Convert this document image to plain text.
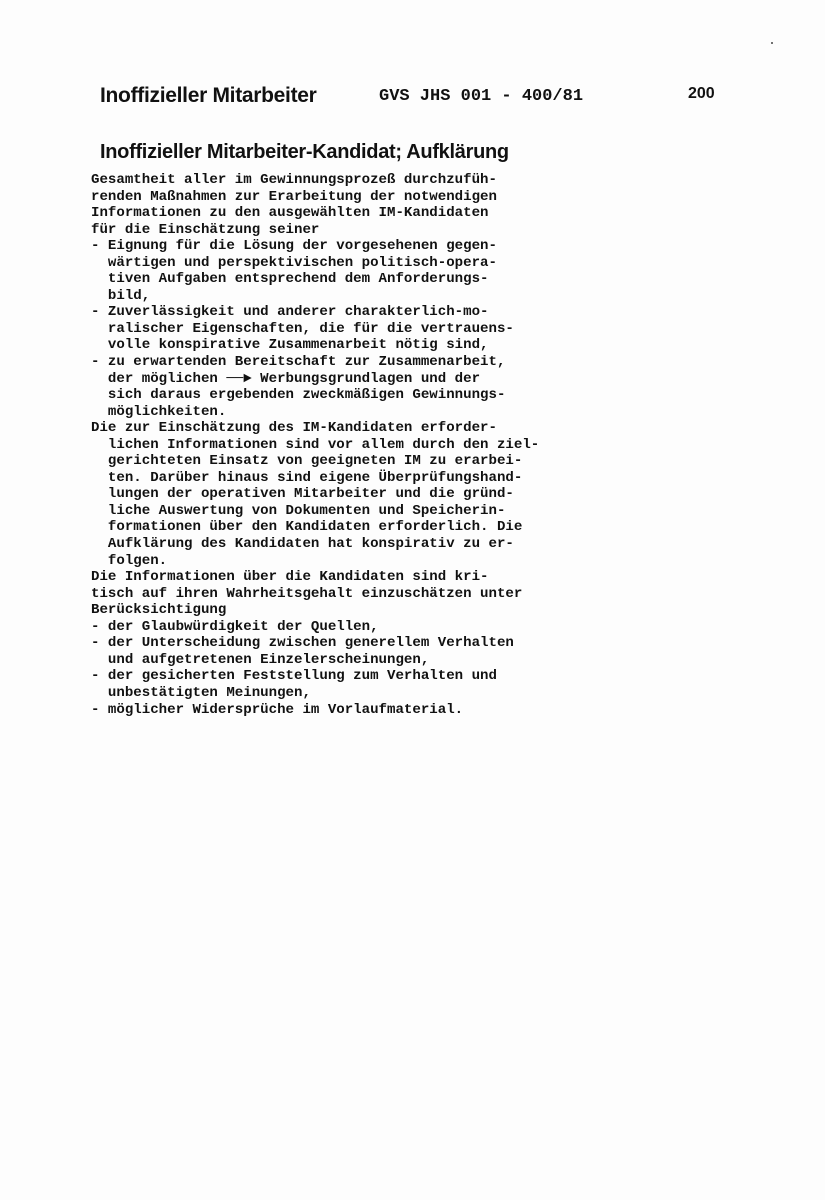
Inoffizieller Mitarbeiter	GVS JHS 001 - 400/81	200
Inoffizieller Mitarbeiter-Kandidat; Aufklärung
Gesamtheit aller im Gewinnungsprozeß durchzufüh-
renden Maßnahmen zur Erarbeitung der notwendigen
Informationen zu den ausgewählten IM-Kandidaten
für die Einschätzung seiner
- Eignung für die Lösung der vorgesehenen gegen-
wärtigen und perspektivischen politisch-opera-
tiven Aufgaben entsprechend dem Anforderungs-
bild,
- Zuverlässigkeit und anderer charakterlich-mo-
ralischer Eigenschaften, die für die vertrauens-
volle konspirative Zusammenarbeit nötig sind,
- zu erwartenden Bereitschaft zur Zusammenarbeit,
der möglichen ──► Werbungsgrundlagen und der
sich daraus ergebenden zweckmäßigen Gewinnungs-
möglichkeiten.
Die zur Einschätzung des IM-Kandidaten erforder-
lichen Informationen sind vor allem durch den ziel-
gerichteten Einsatz von geeigneten IM zu erarbei-
ten. Darüber hinaus sind eigene Überprüfungshand-
lungen der operativen Mitarbeiter und die gründ-
liche Auswertung von Dokumenten und Speicherin-
formationen über den Kandidaten erforderlich. Die
Aufklärung des Kandidaten hat konspirativ zu er-
folgen.
Die Informationen über die Kandidaten sind kri-
tisch auf ihren Wahrheitsgehalt einzuschätzen unter
Berücksichtigung
- der Glaubwürdigkeit der Quellen,
- der Unterscheidung zwischen generellem Verhalten
und aufgetretenen Einzelerscheinungen,
- der gesicherten Feststellung zum Verhalten und
unbestätigten Meinungen,
- möglicher Widersprüche im Vorlaufmaterial.
